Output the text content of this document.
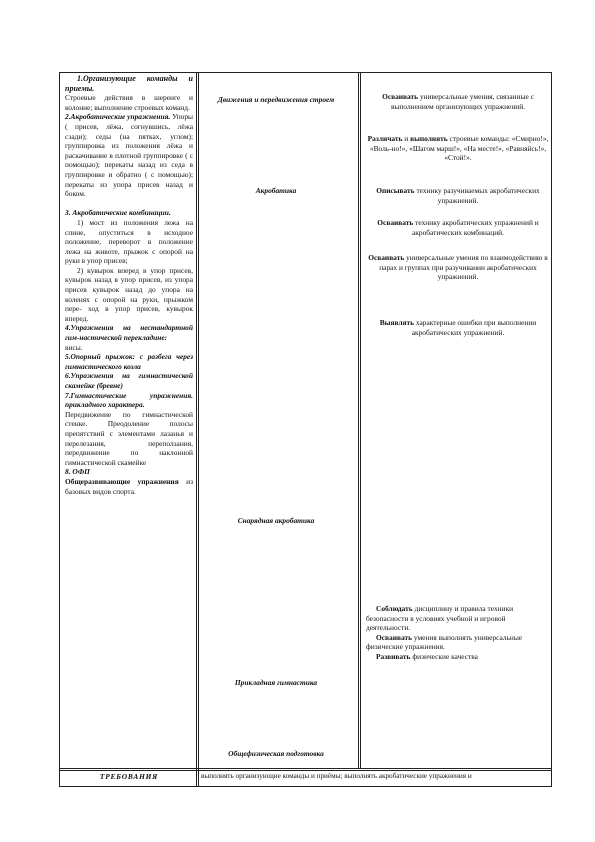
1.Организующие команды и приемы.

Строевые действия в шеренге и колонне; выполнение строевых команд.

2.Акробатические упражнения. Упоры ( присев, лёжа, согнувшись, лёжа сзади); седы (на пятках, углом); группировка из положения лёжа и раскачивание в плотной группировке ( с помощью); перекаты назад из седа в группировке и обратно ( с помощью); перекаты из упора присев назад и боком.

3. Акробатические комбинации.

1) мост из положения лежа на спине, опуститься в исходное положение, переворот в положение лежа на животе, прыжок с опорой на руки в упор присев;

2) кувырок вперед в упор присев, кувырок назад в упор присев, из упора присев кувырок назад до упора на коленях с опорой на руки, прыжком пере- ход в упор присев, кувырок вперед.

4.Упражнения на нестандартной гим-настической перекладине:

висы.

5.Опорный прыжок: с разбега через гимнастического козла

6.Упражнения на гимнастической скамейке (бревне)

7.Гимнастические упражнения. прикладного характера.

Передвижение по гимнастической стенке. Преодоление полосы препятствий с элементами лазанья и перелезания, переползания, передвижение по наклонной гимнастической скамейке

8. ОФП

Общеразвивающие упражнения из базовых видов спорта.

Движения и передвижения строем
Акробатика
Снарядная акробатика
Прикладная гимнастика
Общефизическая подготовка

Осваивать универсальные умения, связанные с выполнением организующих упражнений.

Различать и выполнять строевые команды: «Смирно!», «Воль-но!», «Шагом марш!», «На месте!», «Равняйсь!», «Стой!».

Описывать технику разучиваемых акробатических упражнений.

Осваивать технику акробатических упражнений и акробатических комбинаций.

Осваивать универсальные умения по взаимодействию в парах и группах при разучивании акробатических упражнений.

Выявлять характерные ошибки при выполнении акробатических упражнений.

Соблюдать дисциплину и правила техники безопасности в условиях учебной и игровой деятельности.

Осваивать умения выполнять универсальные физические упражнения.

Развивать физические качества

ТРЕБОВАНИЯ	выполнять организующие команды и приёмы; выполнять акробатические упражнения и
